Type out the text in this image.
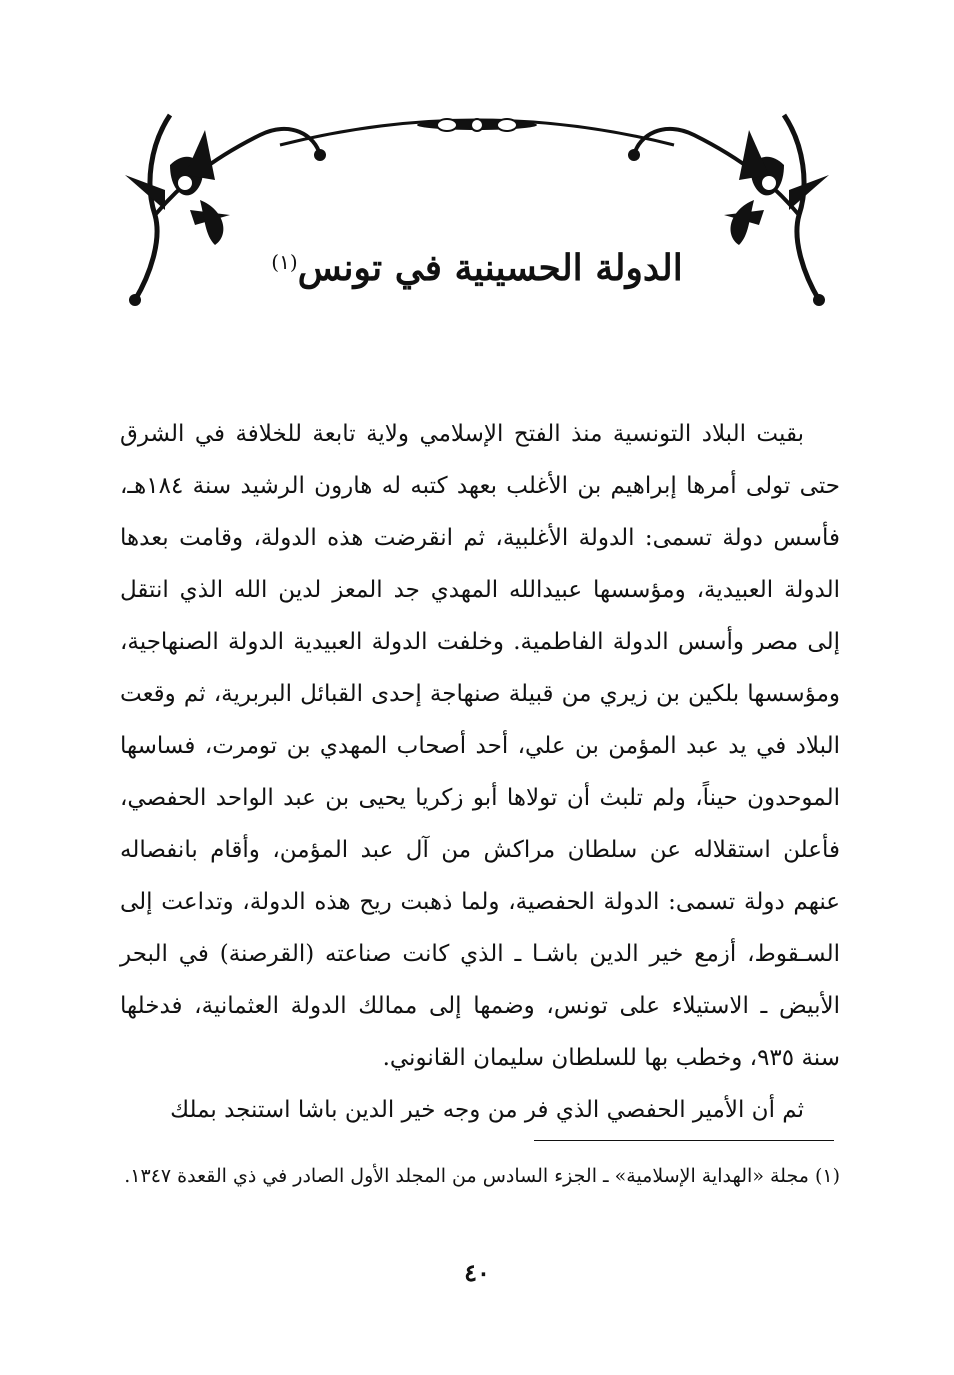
الدولة الحسينية في تونس$^{(١)}$

بقيت البلاد التونسية منذ الفتح الإسلامي ولاية تابعة للخلافة في الشرق حتى تولى أمرها إبراهيم بن الأغلب بعهد كتبه له هارون الرشيد سنة ١٨٤هـ، فأسس دولة تسمى: الدولة الأغلبية، ثم انقرضت هذه الدولة، وقامت بعدها الدولة العبيدية، ومؤسسها عبيدالله المهدي جد المعز لدين الله الذي انتقل إلى مصر وأسس الدولة الفاطمية. وخلفت الدولة العبيدية الدولة الصنهاجية، ومؤسسها بلكين بن زيري من قبيلة صنهاجة إحدى القبائل البربرية، ثم وقعت البلاد في يد عبد المؤمن بن علي، أحد أصحاب المهدي بن تومرت، فساسها الموحدون حيناً، ولم تلبث أن تولاها أبو زكريا يحيى بن عبد الواحد الحفصي، فأعلن استقلاله عن سلطان مراكش من آل عبد المؤمن، وأقام بانفصاله عنهم دولة تسمى: الدولة الحفصية، ولما ذهبت ريح هذه الدولة، وتداعت إلى السـقوط، أزمع خير الدين باشـا ـ الذي كانت صناعته (القرصنة) في البحر الأبيض ـ الاستيلاء على تونس، وضمها إلى ممالك الدولة العثمانية، فدخلها سنة ٩٣٥، وخطب بها للسلطان سليمان القانوني.

ثم أن الأمير الحفصي الذي فر من وجه خير الدين باشا استنجد بملك

(١) مجلة «الهداية الإسلامية» ـ الجزء السادس من المجلد الأول الصادر في ذي القعدة ١٣٤٧.

٤٠
